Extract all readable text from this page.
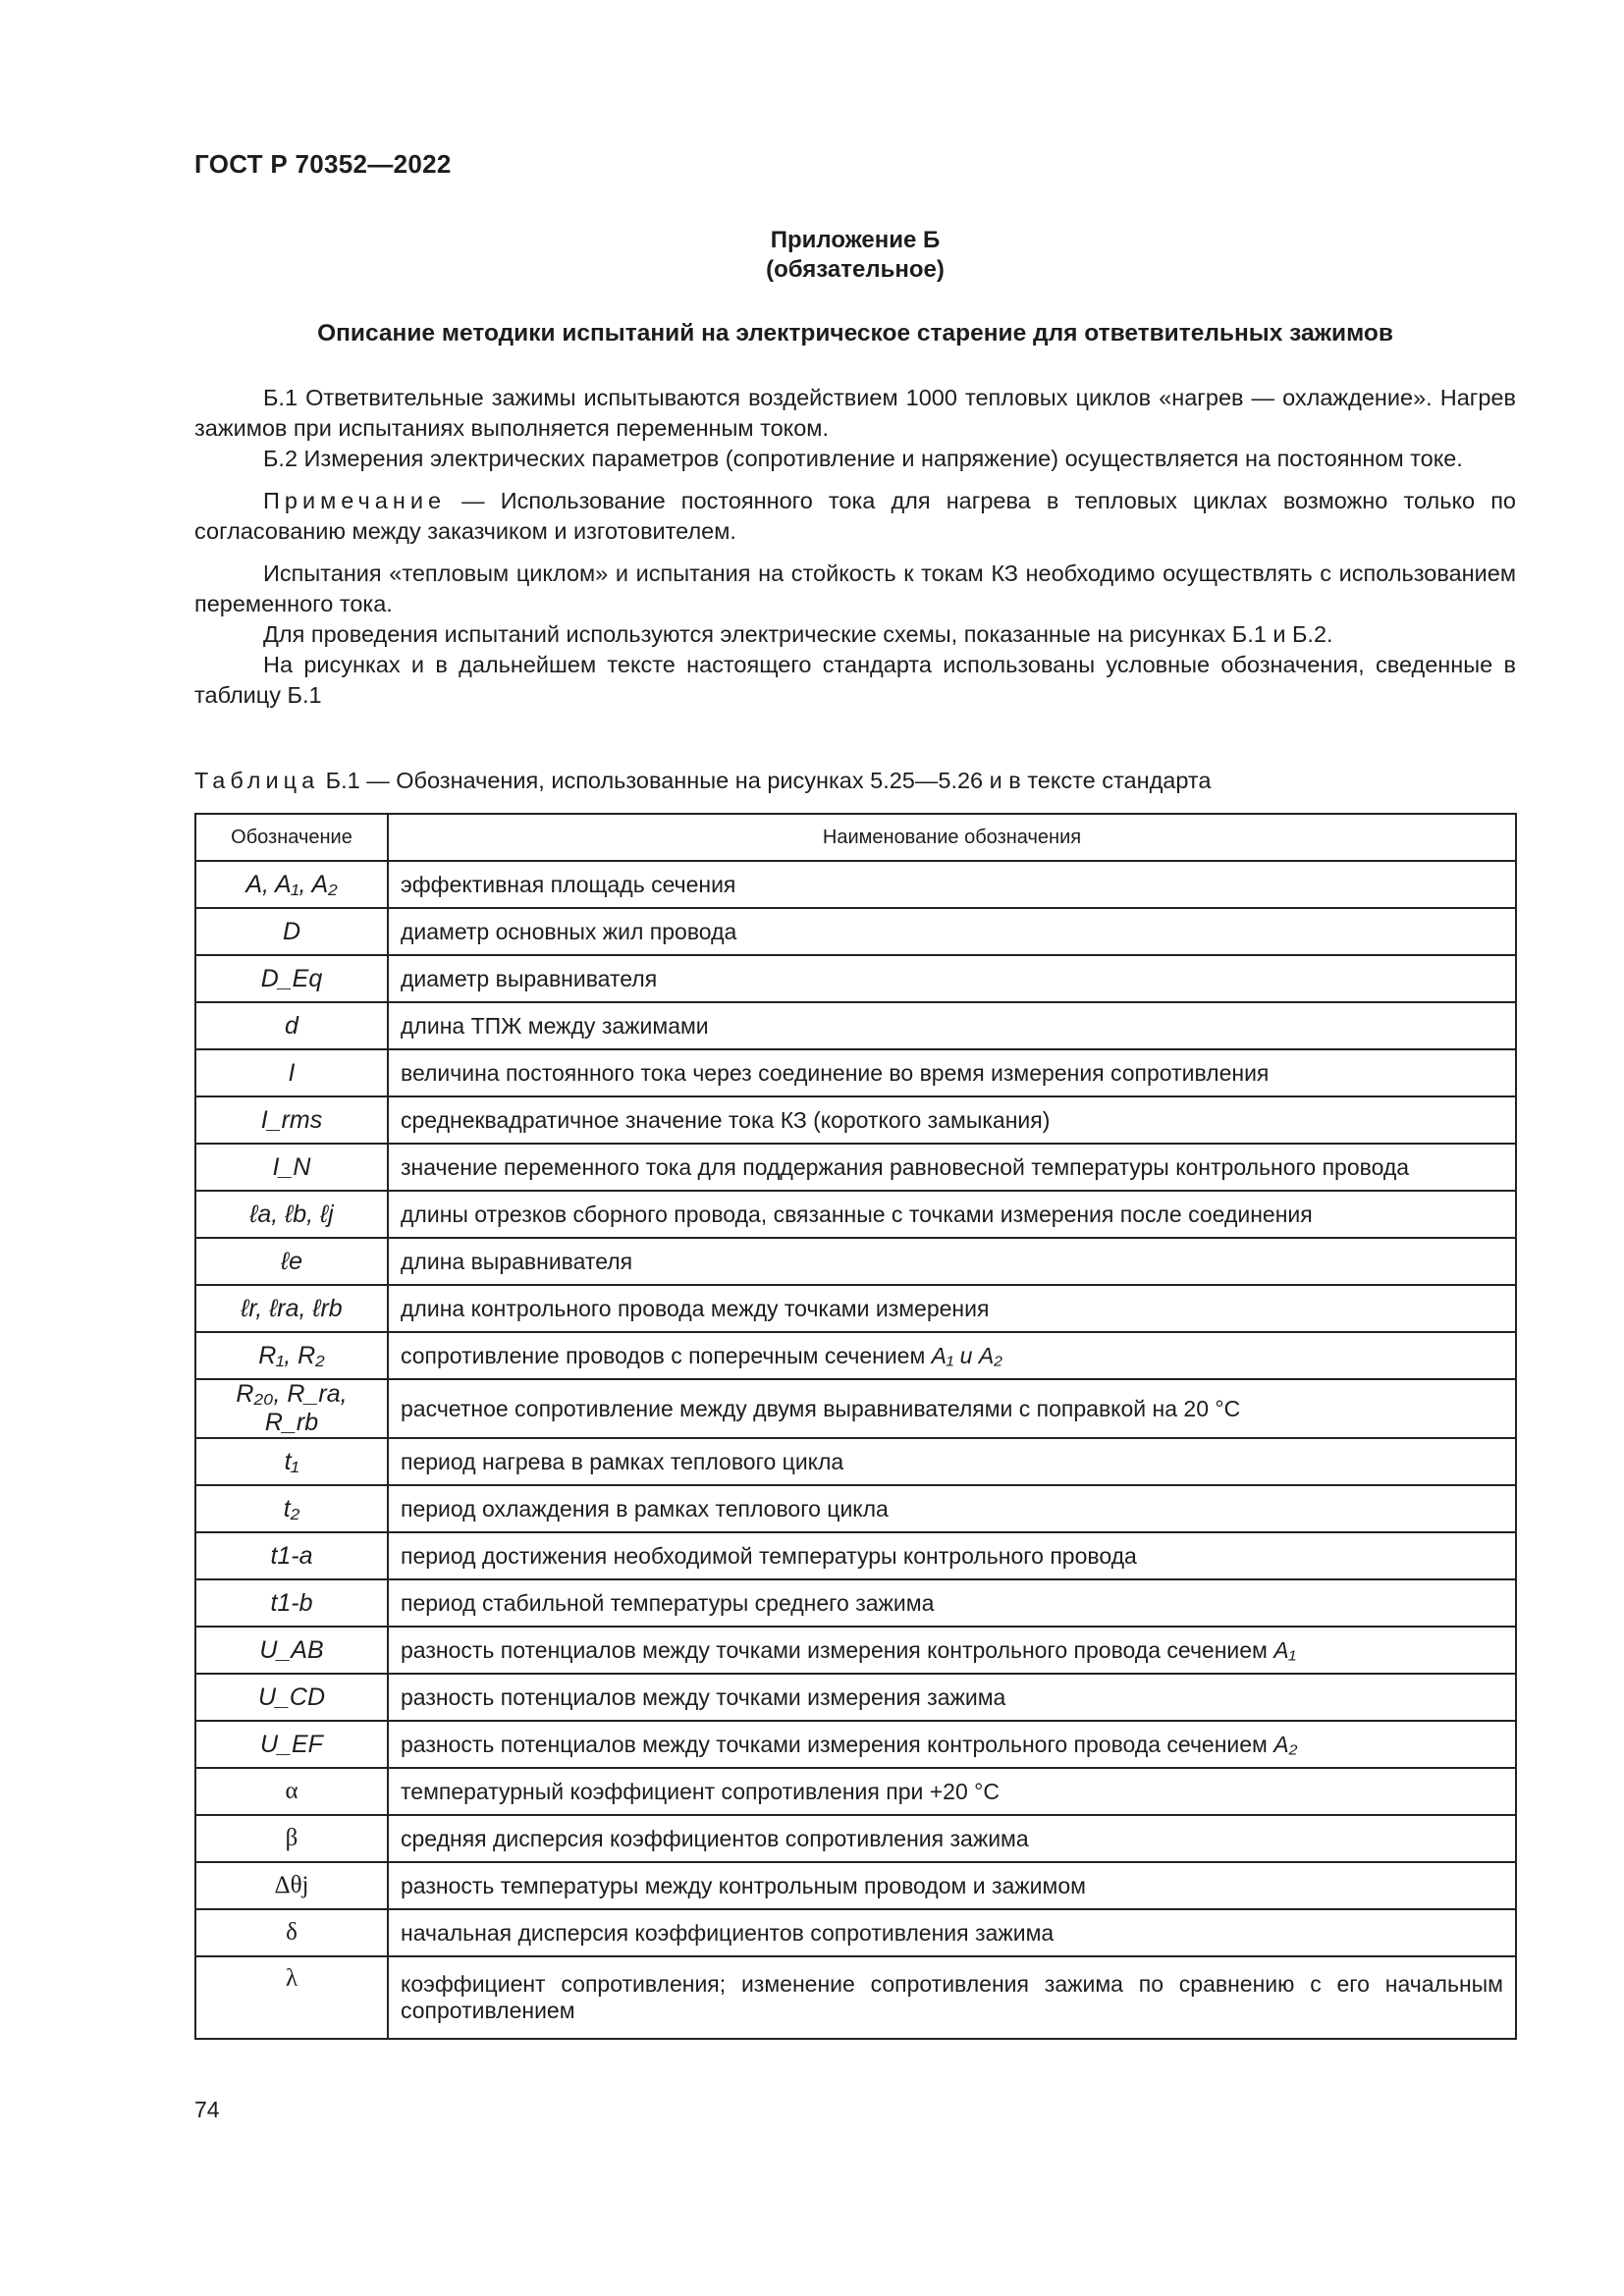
ГОСТ Р 70352—2022
Приложение Б
(обязательное)
Описание методики испытаний на электрическое старение для ответвительных зажимов

Б.1 Ответвительные зажимы испытываются воздействием 1000 тепловых циклов «нагрев — охлаждение». Нагрев зажимов при испытаниях выполняется переменным током.

Б.2 Измерения электрических параметров (сопротивление и напряжение) осуществляется на постоянном токе.

Примечание — Использование постоянного тока для нагрева в тепловых циклах возможно только по согласованию между заказчиком и изготовителем.

Испытания «тепловым циклом» и испытания на стойкость к токам КЗ необходимо осуществлять с использованием переменного тока.

Для проведения испытаний используются электрические схемы, показанные на рисунках Б.1 и Б.2.

На рисунках и в дальнейшем тексте настоящего стандарта использованы условные обозначения, сведенные в таблицу Б.1

Таблица Б.1 — Обозначения, использованные на рисунках 5.25—5.26 и в тексте стандарта
Обозначение	Наименование обозначения
A, A₁, A₂	эффективная площадь сечения
D	диаметр основных жил провода
D_Eq	диаметр выравнивателя
d	длина ТПЖ между зажимами
I	величина постоянного тока через соединение во время измерения сопротивления
I_rms	среднеквадратичное значение тока КЗ (короткого замыкания)
I_N	значение переменного тока для поддержания равновесной температуры контрольного провода
ℓa, ℓb, ℓj	длины отрезков сборного провода, связанные с точками измерения после соединения
ℓe	длина выравнивателя
ℓr, ℓra, ℓrb	длина контрольного провода между точками измерения
R₁, R₂	сопротивление проводов с поперечным сечением A₁ и A₂
R₂₀, R_ra, R_rb	расчетное сопротивление между двумя выравнивателями с поправкой на 20 °С
t₁	период нагрева в рамках теплового цикла
t₂	период охлаждения в рамках теплового цикла
t1-a	период достижения необходимой температуры контрольного провода
t1-b	период стабильной температуры среднего зажима
U_AB	разность потенциалов между точками измерения контрольного провода сечением A₁
U_CD	разность потенциалов между точками измерения зажима
U_EF	разность потенциалов между точками измерения контрольного провода сечением A₂
α	температурный коэффициент сопротивления при +20 °С
β	средняя дисперсия коэффициентов сопротивления зажима
Δθj	разность температуры между контрольным проводом и зажимом
δ	начальная дисперсия коэффициентов сопротивления зажима
λ	коэффициент сопротивления; изменение сопротивления зажима по сравнению с его начальным сопротивлением
74
